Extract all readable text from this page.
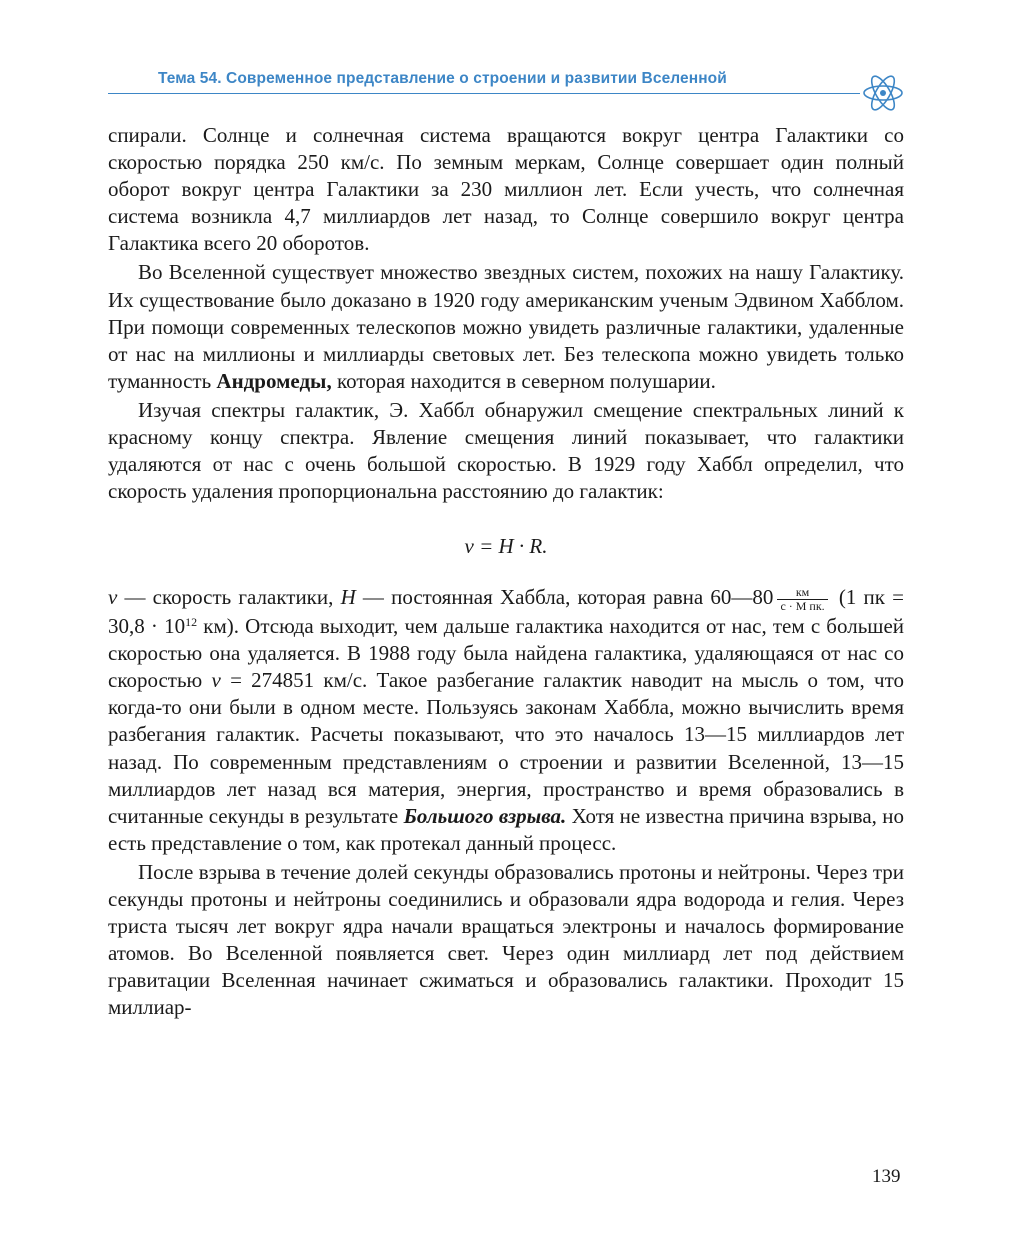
Тема 54. Современное представление о строении и развитии Вселенной

спирали. Солнце и солнечная система вращаются вокруг центра Галактики со скоростью порядка 250 км/с. По земным меркам, Солнце совершает один полный оборот вокруг центра Галактики за 230 миллион лет. Если учесть, что солнечная система возникла 4,7 миллиардов лет назад, то Солнце совершило вокруг центра Галактика всего 20 оборотов.

Во Вселенной существует множество звездных систем, похожих на нашу Галактику. Их существование было доказано в 1920 году американским ученым Эдвином Хабблом. При помощи современных телескопов можно увидеть различные галактики, удаленные от нас на миллионы и миллиарды световых лет. Без телескопа можно увидеть только туманность Андромеды, которая находится в северном полушарии.

Изучая спектры галактик, Э. Хаббл обнаружил смещение спектральных линий к красному концу спектра. Явление смещения линий показывает, что галактики удаляются от нас с очень большой скоростью. В 1929 году Хаббл определил, что скорость удаления пропорциональна расстоянию до галактик:

v = H · R.

v — скорость галактики, H — постоянная Хаббла, которая равна 60—80 $\frac{км}{\text{с · М пк.}} (1$ пк = $30,8 \cdot 10^{12}$ км). Отсюда выходит, чем дальше галактика находится от нас, тем с большей скоростью она удаляется. В 1988 году была найдена галактика, удаляющаяся от нас со скоростью v = 274851 км/с. Такое разбегание галактик наводит на мысль о том, что когда-то они были в одном месте. Пользуясь законам Хаббла, можно вычислить время разбегания галактик. Расчеты показывают, что это началось 13—15 миллиардов лет назад. По современным представлениям о строении и развитии Вселенной, 13—15 миллиардов лет назад вся материя, энергия, пространство и время образовались в считанные секунды в результате Большого взрыва. Хотя не известна причина взрыва, но есть представление о том, как протекал данный процесс.

После взрыва в течение долей секунды образовались протоны и нейтроны. Через три секунды протоны и нейтроны соединились и образовали ядра водорода и гелия. Через триста тысяч лет вокруг ядра начали вращаться электроны и началось формирование атомов. Во Вселенной появляется свет. Через один миллиард лет под действием гравитации Вселенная начинает сжиматься и образовались галактики. Проходит 15 миллиар-

139
